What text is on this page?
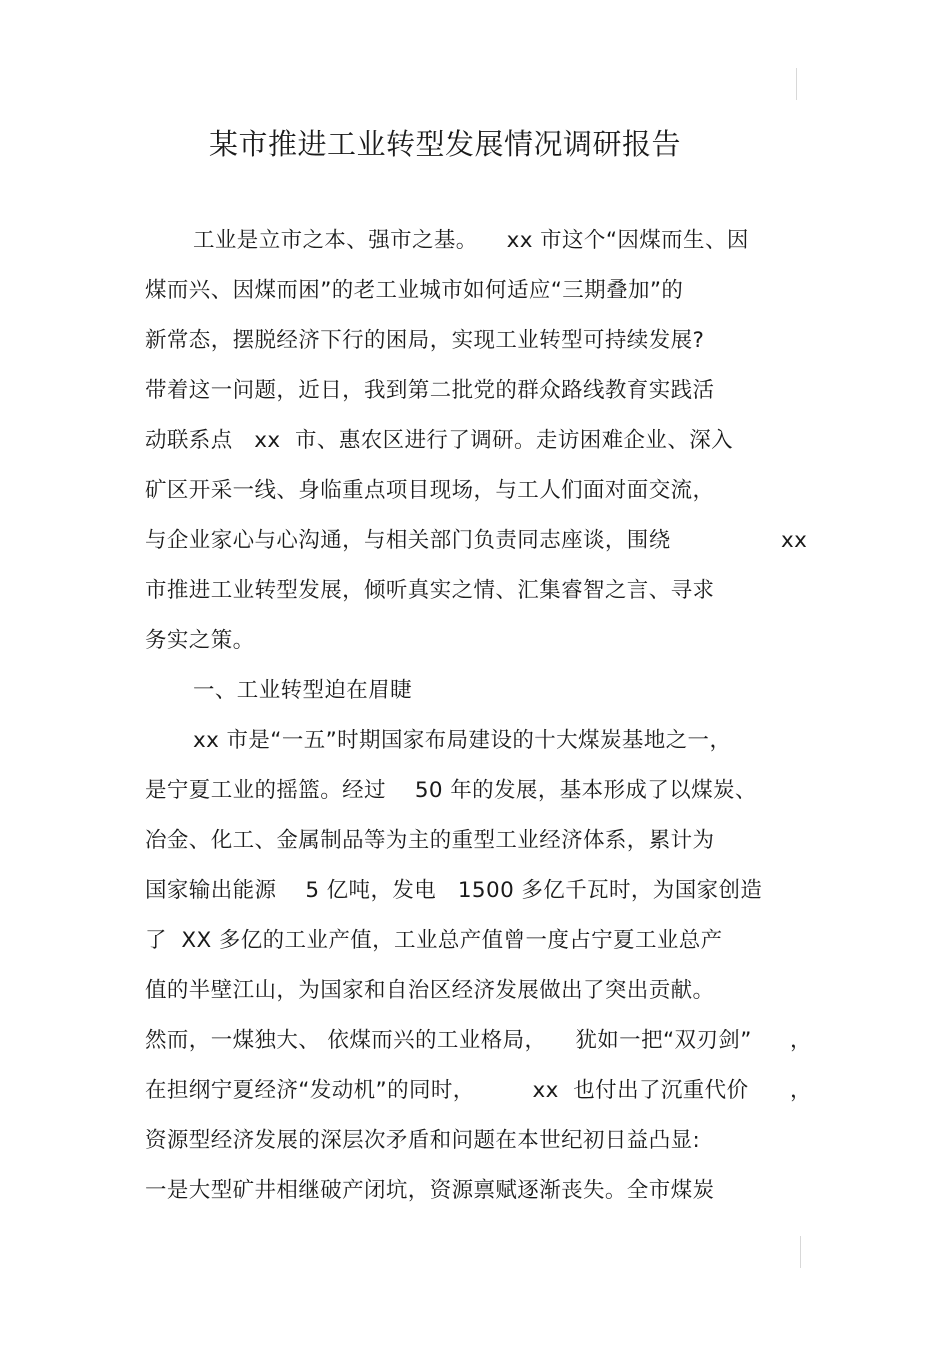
某市推进工业转型发展情况调研报告
工业是立市之本、强市之基。    xx 市这个“因煤而生、因
煤而兴、因煤而困”的老工业城市如何适应“三期叠加”的
新常态，摆脱经济下行的困局，实现工业转型可持续发展?
带着这一问题，近日，我到第二批党的群众路线教育实践活
动联系点   xx  市、惠农区进行了调研。走访困难企业、深入
矿区开采一线、身临重点项目现场，与工人们面对面交流，
与企业家心与心沟通，与相关部门负责同志座谈，围绕	xx
市推进工业转型发展，倾听真实之情、汇集睿智之言、寻求
务实之策。
一、工业转型迫在眉睫
xx 市是“一五”时期国家布局建设的十大煤炭基地之一，
是宁夏工业的摇篮。经过    50 年的发展，基本形成了以煤炭、
冶金、化工、金属制品等为主的重型工业经济体系，累计为
国家输出能源    5 亿吨，发电   1500 多亿千瓦时，为国家创造
了  XX 多亿的工业产值，工业总产值曾一度占宁夏工业总产
值的半壁江山，为国家和自治区经济发展做出了突出贡献。
然而，一煤独大、 依煤而兴的工业格局，    犹如一把“双刃剑” ，
在担纲宁夏经济“发动机”的同时，        xx  也付出了沉重代价 ，
资源型经济发展的深层次矛盾和问题在本世纪初日益凸显:
一是大型矿井相继破产闭坑，资源禀赋逐渐丧失。全市煤炭
